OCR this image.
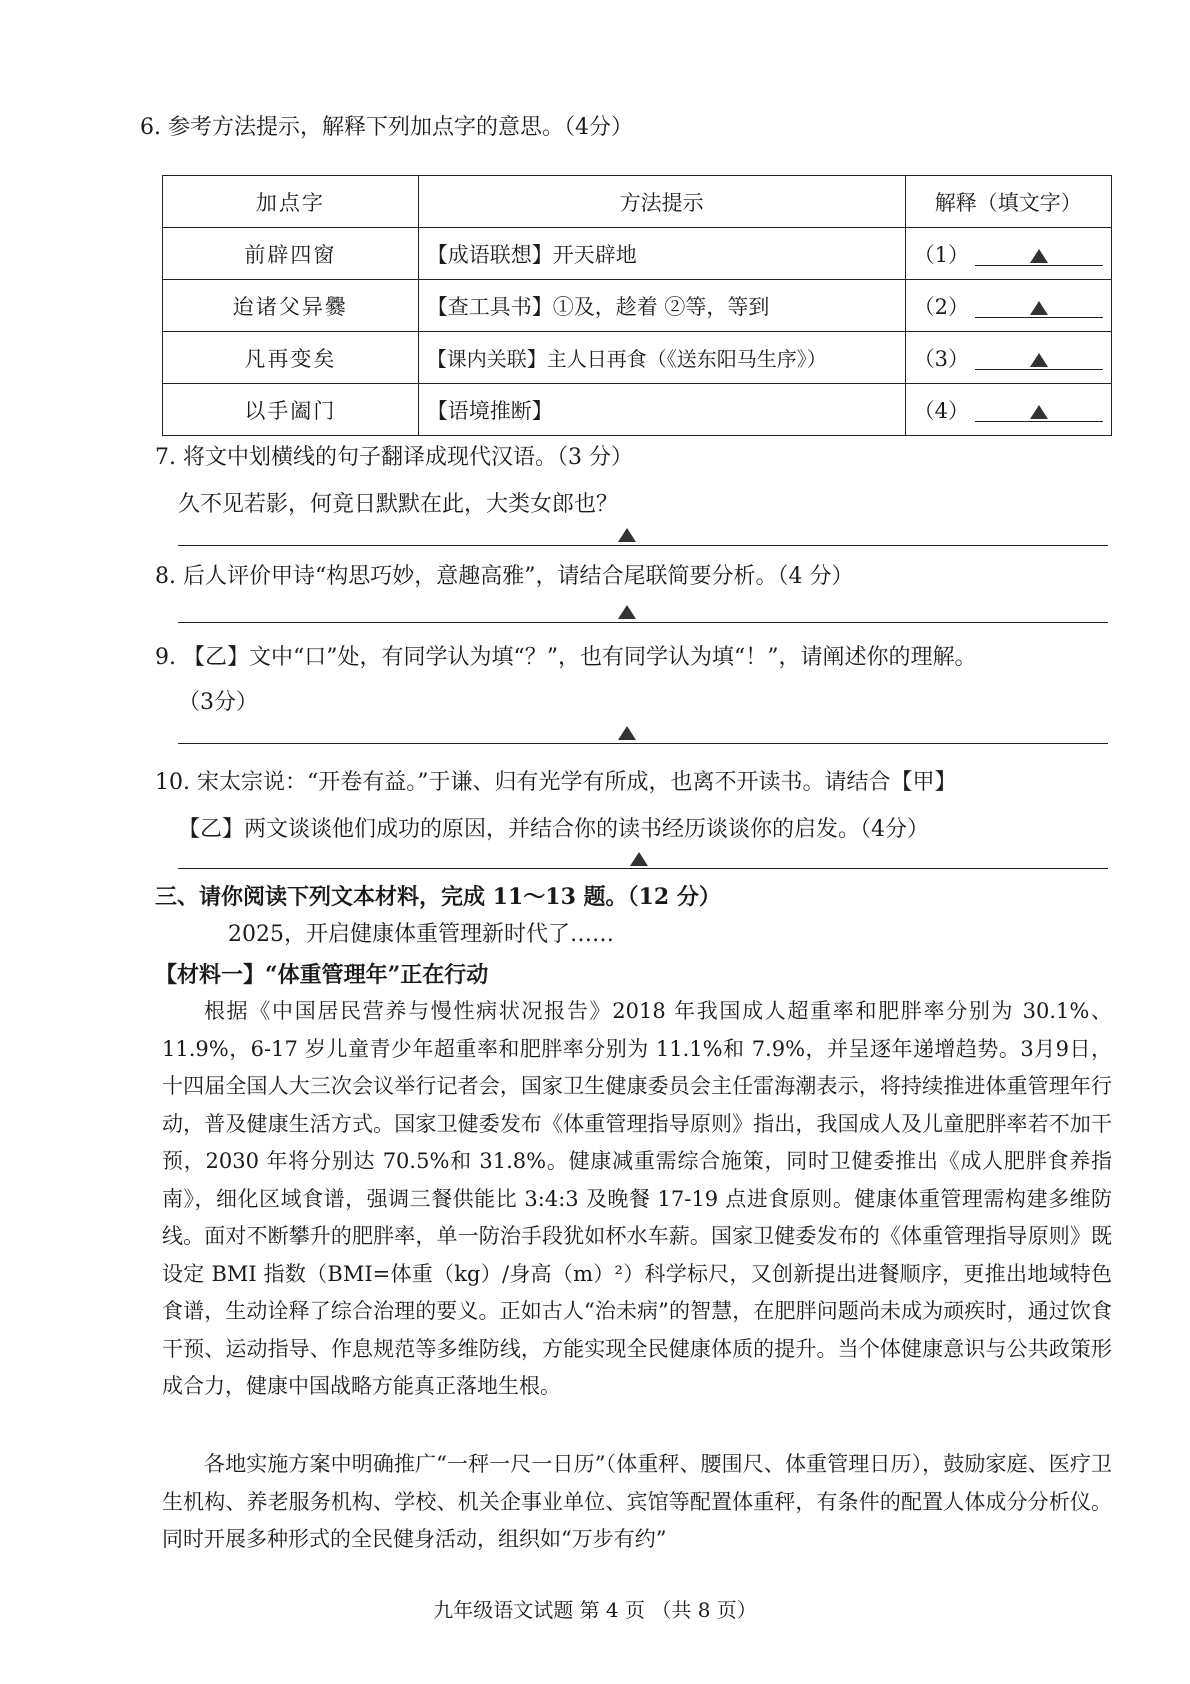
6. 参考方法提示，解释下列加点字的意思。（4分）
加点字	方法提示	解释（填文字）
前辟四窗	【成语联想】开天辟地	（1）

迨诸父异爨	【查工具书】①及，趁着 ②等，等到	（2）

凡再变矣	【课内关联】主人日再食（《送东阳马生序》）	（3）

以手阖门	【语境推断】	（4）
7. 将文中划横线的句子翻译成现代汉语。（3 分）
久不见若影，何竟日默默在此，大类女郎也？
8. 后人评价甲诗“构思巧妙，意趣高雅”，请结合尾联简要分析。（4 分）
9. 【乙】文中“口”处，有同学认为填“？”，也有同学认为填“！”，请阐述你的理解。
（3分）
10. 宋太宗说：“开卷有益。”于谦、归有光学有所成，也离不开读书。请结合【甲】
【乙】两文谈谈他们成功的原因，并结合你的读书经历谈谈你的启发。（4分）
三、请你阅读下列文本材料，完成 11～13 题。（12 分）
2025，开启健康体重管理新时代了……
【材料一】“体重管理年”正在行动
根据《中国居民营养与慢性病状况报告》2018 年我国成人超重率和肥胖率分别为 30.1%、11.9%，6-17 岁儿童青少年超重率和肥胖率分别为 11.1%和 7.9%，并呈逐年递增趋势。3月9日，十四届全国人大三次会议举行记者会，国家卫生健康委员会主任雷海潮表示，将持续推进体重管理年行动，普及健康生活方式。国家卫健委发布《体重管理指导原则》指出，我国成人及儿童肥胖率若不加干预，2030 年将分别达 70.5%和 31.8%。健康减重需综合施策，同时卫健委推出《成人肥胖食养指南》，细化区域食谱，强调三餐供能比 3:4:3 及晚餐 17-19 点进食原则。健康体重管理需构建多维防线。面对不断攀升的肥胖率，单一防治手段犹如杯水车薪。国家卫健委发布的《体重管理指导原则》既设定 BMI 指数（BMI=体重（kg）/身高（m）²）科学标尺，又创新提出进餐顺序，更推出地域特色食谱，生动诠释了综合治理的要义。正如古人“治未病”的智慧，在肥胖问题尚未成为顽疾时，通过饮食干预、运动指导、作息规范等多维防线，方能实现全民健康体质的提升。当个体健康意识与公共政策形成合力，健康中国战略方能真正落地生根。
各地实施方案中明确推广“一秤一尺一日历”（体重秤、腰围尺、体重管理日历），鼓励家庭、医疗卫生机构、养老服务机构、学校、机关企事业单位、宾馆等配置体重秤，有条件的配置人体成分分析仪。同时开展多种形式的全民健身活动，组织如“万步有约”
九年级语文试题 第 4 页 （共 8 页）
